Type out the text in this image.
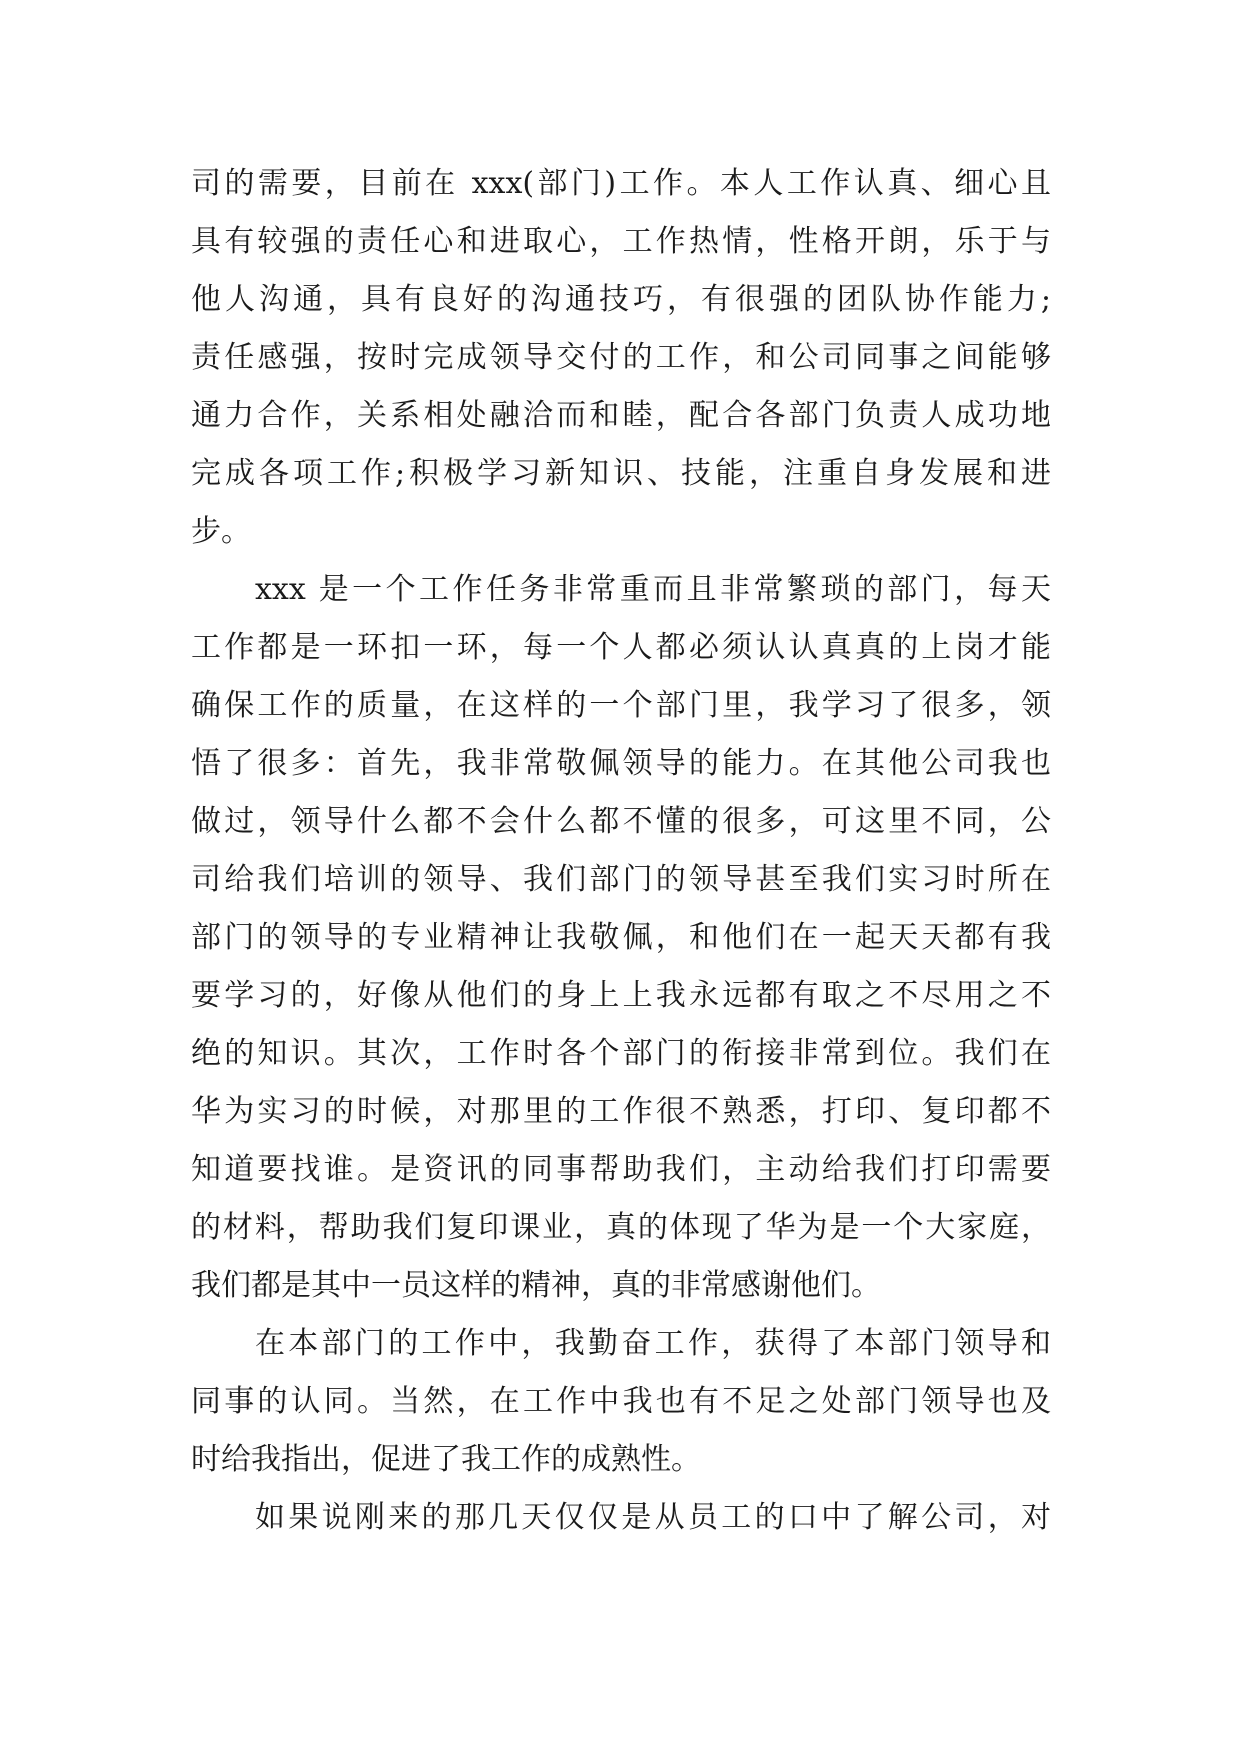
司的需要，目前在 xxx(部门)工作。本人工作认真、细心且
具有较强的责任心和进取心，工作热情，性格开朗，乐于与
他人沟通，具有良好的沟通技巧，有很强的团队协作能力;
责任感强，按时完成领导交付的工作，和公司同事之间能够
通力合作，关系相处融洽而和睦，配合各部门负责人成功地
完成各项工作;积极学习新知识、技能，注重自身发展和进
步。
xxx 是一个工作任务非常重而且非常繁琐的部门，每天
工作都是一环扣一环，每一个人都必须认认真真的上岗才能
确保工作的质量，在这样的一个部门里，我学习了很多，领
悟了很多：首先，我非常敬佩领导的能力。在其他公司我也
做过，领导什么都不会什么都不懂的很多，可这里不同，公
司给我们培训的领导、我们部门的领导甚至我们实习时所在
部门的领导的专业精神让我敬佩，和他们在一起天天都有我
要学习的，好像从他们的身上上我永远都有取之不尽用之不
绝的知识。其次，工作时各个部门的衔接非常到位。我们在
华为实习的时候，对那里的工作很不熟悉，打印、复印都不
知道要找谁。是资讯的同事帮助我们，主动给我们打印需要
的材料，帮助我们复印课业，真的体现了华为是一个大家庭，
我们都是其中一员这样的精神，真的非常感谢他们。
在本部门的工作中，我勤奋工作，获得了本部门领导和
同事的认同。当然，在工作中我也有不足之处部门领导也及
时给我指出，促进了我工作的成熟性。
如果说刚来的那几天仅仅是从员工的口中了解公司，对
